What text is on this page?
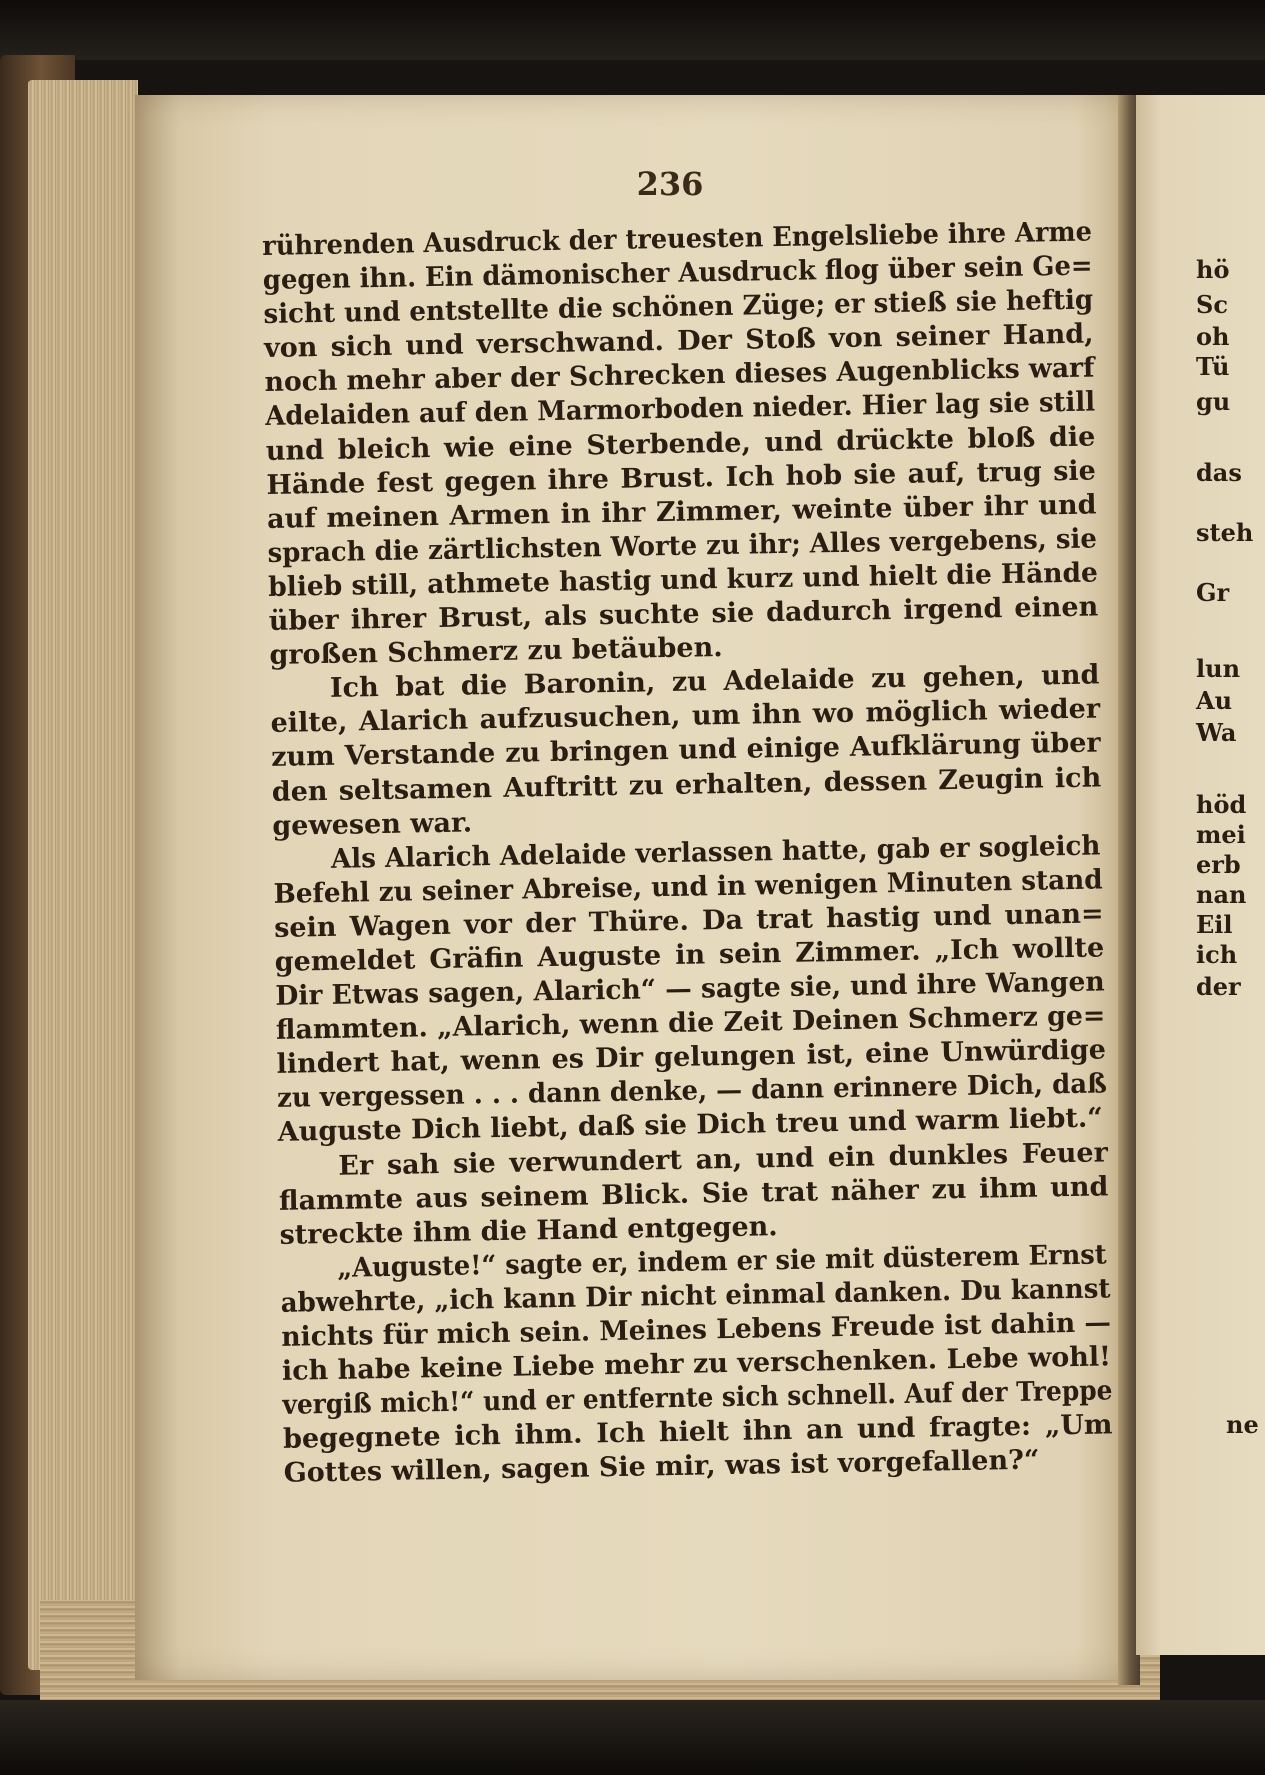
236
rührenden Ausdruck der treuesten Engelsliebe ihre Arme
gegen ihn. Ein dämonischer Ausdruck flog über sein Ge=
sicht und entstellte die schönen Züge; er stieß sie heftig
von sich und verschwand. Der Stoß von seiner Hand,
noch mehr aber der Schrecken dieses Augenblicks warf
Adelaiden auf den Marmorboden nieder. Hier lag sie still
und bleich wie eine Sterbende, und drückte bloß die
Hände fest gegen ihre Brust. Ich hob sie auf, trug sie
auf meinen Armen in ihr Zimmer, weinte über ihr und
sprach die zärtlichsten Worte zu ihr; Alles vergebens, sie
blieb still, athmete hastig und kurz und hielt die Hände
über ihrer Brust, als suchte sie dadurch irgend einen
großen Schmerz zu betäuben.
Ich bat die Baronin, zu Adelaide zu gehen, und
eilte, Alarich aufzusuchen, um ihn wo möglich wieder
zum Verstande zu bringen und einige Aufklärung über
den seltsamen Auftritt zu erhalten, dessen Zeugin ich
gewesen war.
Als Alarich Adelaide verlassen hatte, gab er sogleich
Befehl zu seiner Abreise, und in wenigen Minuten stand
sein Wagen vor der Thüre. Da trat hastig und unan=
gemeldet Gräfin Auguste in sein Zimmer. „Ich wollte
Dir Etwas sagen, Alarich“ — sagte sie, und ihre Wangen
flammten. „Alarich, wenn die Zeit Deinen Schmerz ge=
lindert hat, wenn es Dir gelungen ist, eine Unwürdige
zu vergessen . . . dann denke, — dann erinnere Dich, daß
Auguste Dich liebt, daß sie Dich treu und warm liebt.“
Er sah sie verwundert an, und ein dunkles Feuer
flammte aus seinem Blick. Sie trat näher zu ihm und
streckte ihm die Hand entgegen.
„Auguste!“ sagte er, indem er sie mit düsterem Ernst
abwehrte, „ich kann Dir nicht einmal danken. Du kannst
nichts für mich sein. Meines Lebens Freude ist dahin —
ich habe keine Liebe mehr zu verschenken. Lebe wohl!
vergiß mich!“ und er entfernte sich schnell. Auf der Treppe
begegnete ich ihm. Ich hielt ihn an und fragte: „Um
Gottes willen, sagen Sie mir, was ist vorgefallen?“
hö
Sc
oh
Tü
gu
das
steh
Gr
lun
Au
Wa
höd
mei
erb
nan
Eil
ich
der
ne
